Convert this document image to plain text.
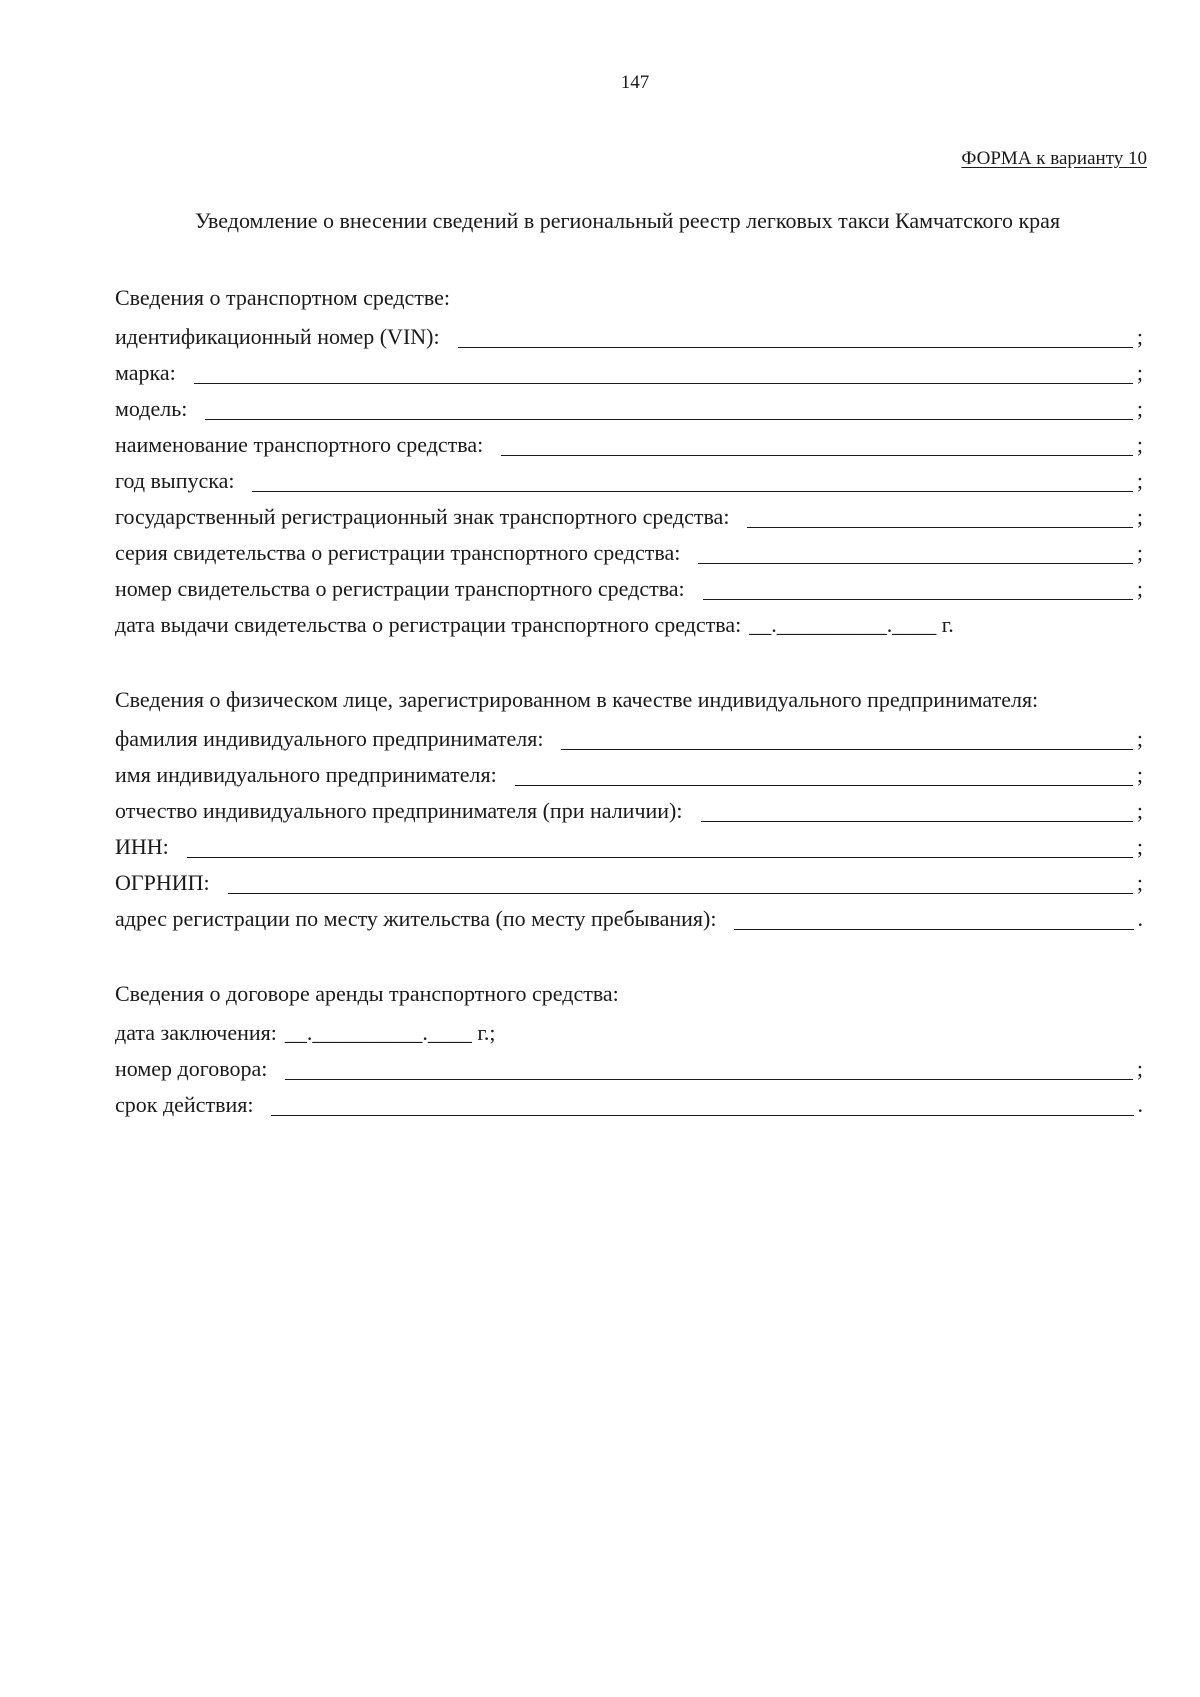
147
ФОРМА к варианту 10
Уведомление о внесении сведений в региональный реестр легковых такси Камчатского края
Сведения о транспортном средстве:
идентификационный номер (VIN):	;
марка:	;
модель:	;
наименование транспортного средства:	;
год выпуска:	;
государственный регистрационный знак транспортного средства:	;
серия свидетельства о регистрации транспортного средства:	;
номер свидетельства о регистрации транспортного средства:	;
дата выдачи свидетельства о регистрации транспортного средства: __.__________.____ г.
Сведения о физическом лице, зарегистрированном в качестве индивидуального предпринимателя:
фамилия индивидуального предпринимателя:	;
имя индивидуального предпринимателя:	;
отчество индивидуального предпринимателя (при наличии):	;
ИНН:	;
ОГРНИП:	;
адрес регистрации по месту жительства (по месту пребывания):	.
Сведения о договоре аренды транспортного средства:
дата заключения: __.__________.____ г.;
номер договора:	;
срок действия:	.
